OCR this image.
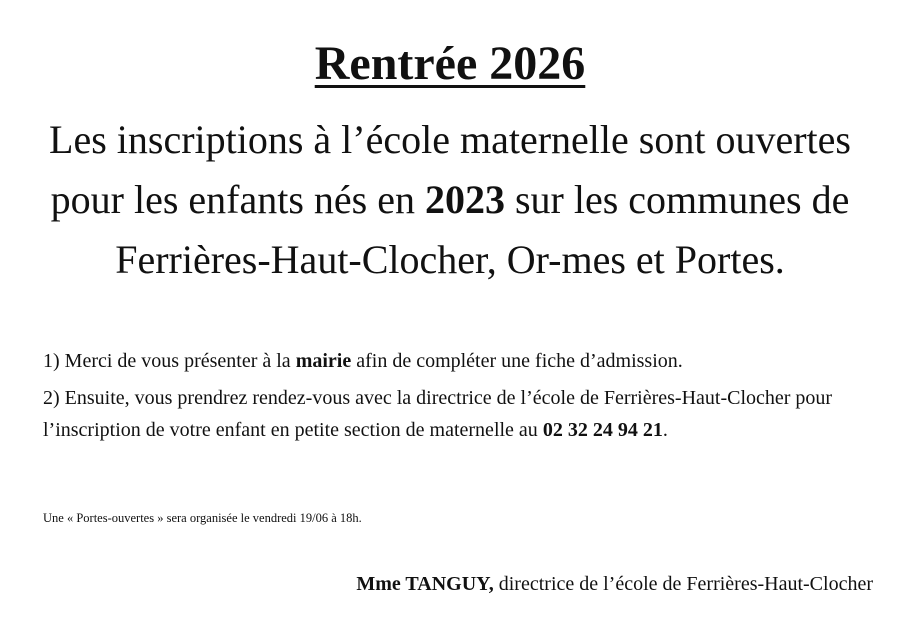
Rentrée 2026
Les inscriptions à l’école maternelle sont ouvertes pour les enfants nés en 2023 sur les communes de Ferrières-Haut-Clocher, Or-mes et Portes.

1) Merci de vous présenter à la mairie afin de compléter une fiche d’admission.

2) Ensuite, vous prendrez rendez-vous avec la directrice de l’école de Ferrières-Haut-Clocher pour l’inscription de votre enfant en petite section de maternelle au 02 32 24 94 21.

Une « Portes-ouvertes » sera organisée le vendredi 19/06 à 18h.
Mme TANGUY, directrice de l’école de Ferrières-Haut-Clocher
